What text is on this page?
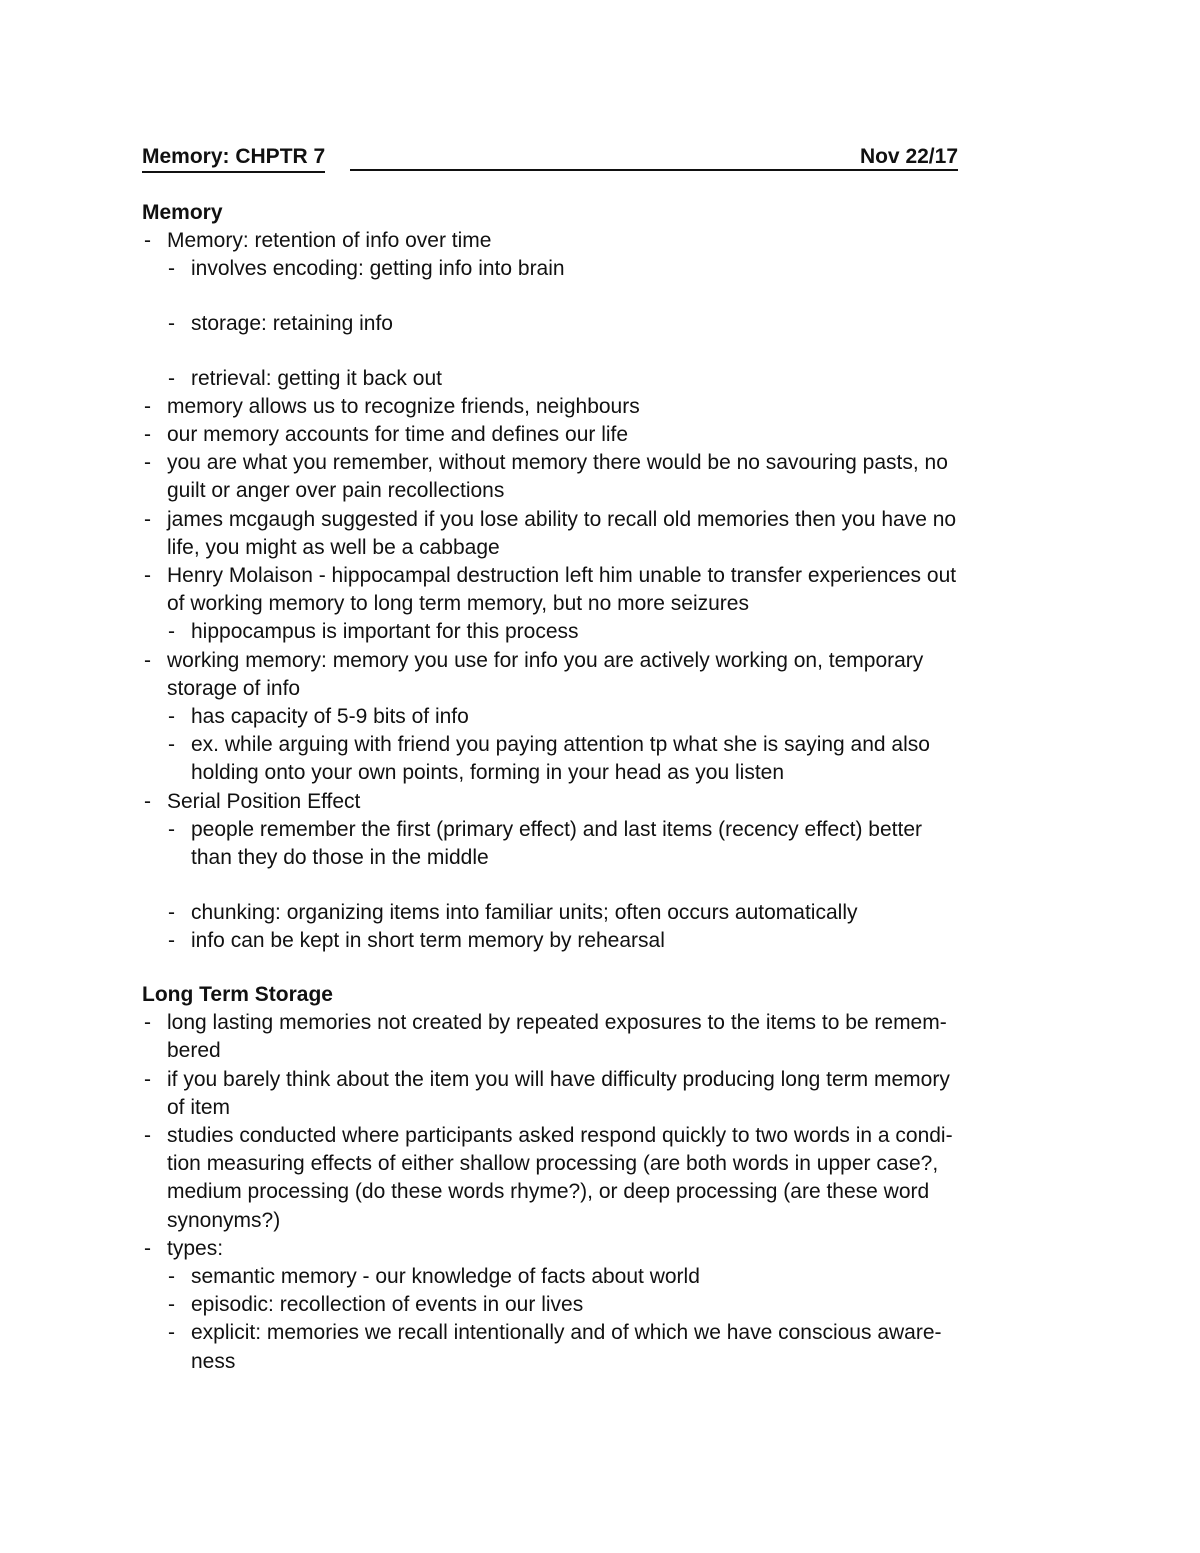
Memory: CHPTR 7	Nov 22/17
Memory
- Memory: retention of info over time
- involves encoding: getting info into brain
- storage: retaining info
- retrieval: getting it back out
- memory allows us to recognize friends, neighbours
- our memory accounts for time and defines our life
- you are what you remember, without memory there would be no savouring pasts, no
guilt or anger over pain recollections
- james mcgaugh suggested if you lose ability to recall old memories then you have no
life, you might as well be a cabbage
- Henry Molaison - hippocampal destruction left him unable to transfer experiences out
of working memory to long term memory, but no more seizures
- hippocampus is important for this process
- working memory: memory you use for info you are actively working on, temporary
storage of info
- has capacity of 5-9 bits of info
- ex. while arguing with friend you paying attention tp what she is saying and also
holding onto your own points, forming in your head as you listen
- Serial Position Effect
- people remember the first (primary effect) and last items (recency effect) better
than they do those in the middle
- chunking: organizing items into familiar units; often occurs automatically
- info can be kept in short term memory by rehearsal
Long Term Storage
- long lasting memories not created by repeated exposures to the items to be remem-
bered
- if you barely think about the item you will have difficulty producing long term memory
of item
- studies conducted where participants asked respond quickly to two words in a condi-
tion measuring effects of either shallow processing (are both words in upper case?,
medium processing (do these words rhyme?), or deep processing (are these word
synonyms?)
- types:
- semantic memory - our knowledge of facts about world
- episodic: recollection of events in our lives
- explicit: memories we recall intentionally and of which we have conscious aware-
ness
